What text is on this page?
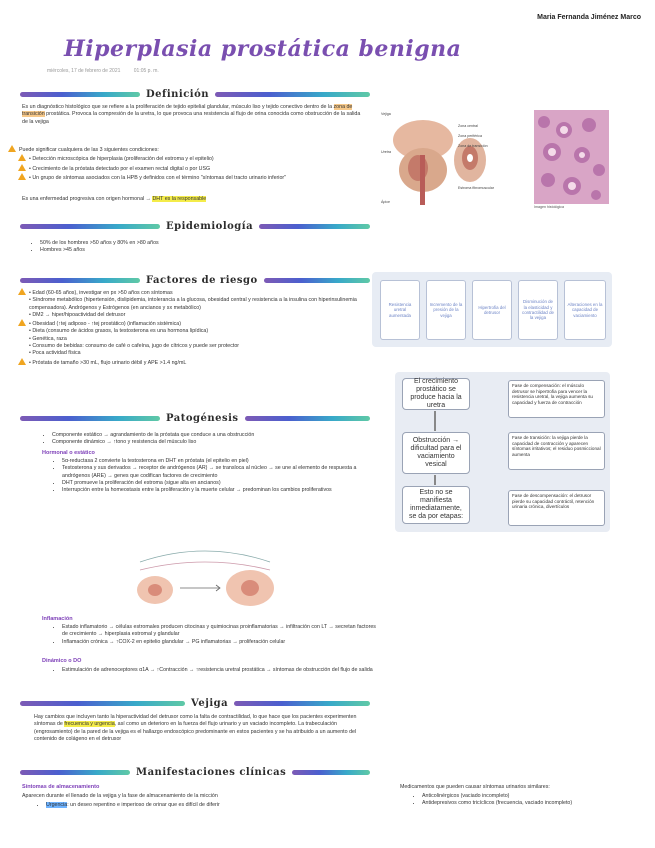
Maria Fernanda Jiménez Marco
Hiperplasia prostática benigna
miércoles, 17 de febrero de 2021	01:05 p. m.
Definición
Es un diagnóstico histológico que se refiere a la proliferación de tejido epitelial glandular, músculo liso y tejido conectivo dentro de la zona de transición prostática. Provoca la compresión de la uretra, lo que provoca una resistencia al flujo de orina conocida como obstrucción de la salida de la vejiga
Puede significar cualquiera de las 3 siguientes condiciones:
• Detección microscópica de hiperplasia (proliferación del estroma y el epitelio)
• Crecimiento de la próstata detectado por el examen rectal digital o por USG
• Un grupo de síntomas asociados con la HPB y definidos con el término "síntomas del tracto urinario inferior"
Es una enfermedad progresiva con origen hormonal → DHT es la responsable
Vejiga
Zona central
Zona periférica
Zona de transición
Uretra
Estroma fibromuscular
Ápice
Imagen histológica
Epidemiología
• 50% de los hombres >50 años y 80% en >80 años
• Hombres >45 años
Factores de riesgo
• Edad (60-65 años), investigar en px >50 años con síntomas
• Síndrome metabólico (hipertensión, dislipidemia, intolerancia a la glucosa, obesidad central y resistencia a la insulina con hiperinsulinemia compensadora). Andrógenos y Estrógenos (en ancianos y sx metabólico)
• DM2 → hiper/hipoactividad del detrusor
• Obesidad (↑tej adiposo - ↑tej prostático) (inflamación sistémica)
• Dieta (consumo de ácidos grasos, la testosterona es una hormona lipídica)
• Genética, raza
• Consumo de bebidas: consumo de café o cafeína, jugo de cítricos y puede ser protector
• Poca actividad física
• Próstata de tamaño >30 mL, flujo urinario débil y APE >1.4 ng/mL
Resistencia uretral aumentada
Incremento de la presión de la vejiga
Hipertrofia del detrusor
Disminución de la elasticidad y contractilidad de la vejiga
Alteraciones en la capacidad de vaciamiento
El crecimiento prostático se produce hacia la uretra
Obstrucción → dificultad para el vaciamiento vesical
Esto no se manifiesta inmediatamente, se da por etapas:
Fase de compensación: el músculo detrusor se hipertrofia para vencer la resistencia uretral, la vejiga aumenta su capacidad y fuerza de contracción
Fase de transición: la vejiga pierde la capacidad de contracción y aparecen síntomas irritativos; el residuo posmiccional aumenta
Fase de descompensación: el detrusor pierde su capacidad contráctil, retención urinaria crónica, divertículos
Patogénesis
• Componente estático → agrandamiento de la próstata que conduce a una obstrucción
• Componente dinámico → ↑tono y resistencia del músculo liso
Hormonal o estático
• 5α-reductasa 2 convierte la testosterona en DHT en próstata (el epitelio en piel)
• Testosterona y sus derivados → receptor de andrógenos (AR) → se transloca al núcleo → se une al elemento de respuesta a andrógenos (ARE) → genes que codifican factores de crecimiento
• DHT promueve la proliferación del estroma (sigue alta en ancianos)
• Interrupción entre la homeostasis entre la proliferación y la muerte celular → predominan los cambios proliferativos
Inflamación
• Estado inflamatorio → células estromales producen citocinas y quimiocinas proinflamatorias → infiltración con LT → secretan factores de crecimiento → hiperplasia estromal y glandular
• Inflamación crónica → ↑COX-2 en epitelio glandular → PG inflamatorias → proliferación celular
Dinámico o DO
• Estimulación de adrenoceptores α1A → ↑Contracción → ↑resistencia uretral prostática → síntomas de obstrucción del flujo de salida
Vejiga
Hay cambios que incluyen tanto la hiperactividad del detrusor como la falta de contractilidad, lo que hace que los pacientes experimenten síntomas de frecuencia y urgencia, así como un deterioro en la fuerza del flujo urinario y un vaciado incompleto. La trabeculación (engrosamiento) de la pared de la vejiga es el hallazgo endoscópico predominante en estos pacientes y se ha atribuido a un aumento del contenido de colágeno en el detrusor
Manifestaciones clínicas
Síntomas de almacenamiento
Aparecen durante el llenado de la vejiga y la fase de almacenamiento de la micción
• Urgencia: un deseo repentino e imperioso de orinar que es difícil de diferir
Medicamentos que pueden causar síntomas urinarios similares:
• Anticolinérgicos (vaciado incompleto)
• Antidepresivos como tricíclicos (frecuencia, vaciado incompleto)
